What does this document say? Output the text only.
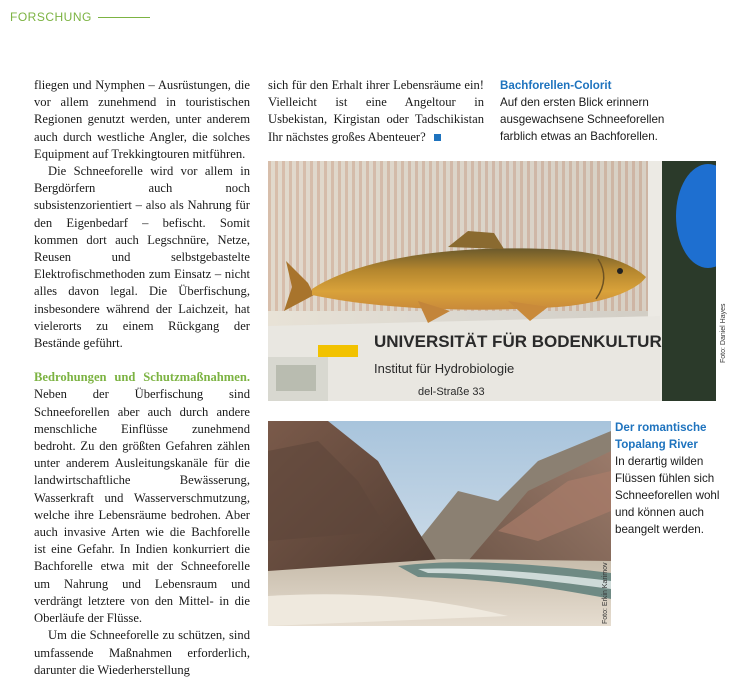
FORSCHUNG

fliegen und Nymphen – Ausrüstungen, die vor allem zunehmend in touristischen Regionen genutzt werden, unter anderem auch durch westliche Angler, die solches Equipment auf Trekkingtouren mitführen.

Die Schneeforelle wird vor allem in Bergdörfern auch noch subsistenzorientiert – also als Nahrung für den Eigenbedarf – befischt. Somit kommen dort auch Legschnüre, Netze, Reusen und selbstgebastelte Elektrofischmethoden zum Einsatz – nicht alles davon legal. Die Überfischung, insbesondere während der Laichzeit, hat vielerorts zu einem Rückgang der Bestände geführt.

Bedrohungen und Schutzmaßnahmen. Neben der Überfischung sind Schneeforellen aber auch durch andere menschliche Einflüsse zunehmend bedroht. Zu den größten Gefahren zählen unter anderem Ausleitungskanäle für die landwirtschaftliche Bewässerung, Wasserkraft und Wasserverschmutzung, welche ihre Lebensräume bedrohen. Aber auch invasive Arten wie die Bachforelle ist eine Gefahr. In Indien konkurriert die Bachforelle etwa mit der Schneeforelle um Nahrung und Lebensraum und verdrängt letztere von den Mittel- in die Oberläufe der Flüsse.

Um die Schneeforelle zu schützen, sind umfassende Maßnahmen erforderlich, darunter die Wiederherstellung

sich für den Erhalt ihrer Lebensräume ein! Vielleicht ist eine Angeltour in Usbekistan, Kirgistan oder Tadschikistan Ihr nächstes großes Abenteuer?

Bachforellen-Colorit
Auf den ersten Blick erinnern ausgewachsene Schneeforellen farblich etwas an Bachforellen.
UNIVERSITÄT FÜR BODENKULTUR
Institut für Hydrobiologie
del-Straße 33
Foto: Daniel Hayes
Foto: Erkin Karimov
Der romantische Topalang River
In derartig wilden Flüssen fühlen sich Schneeforellen wohl und können auch beangelt werden.
